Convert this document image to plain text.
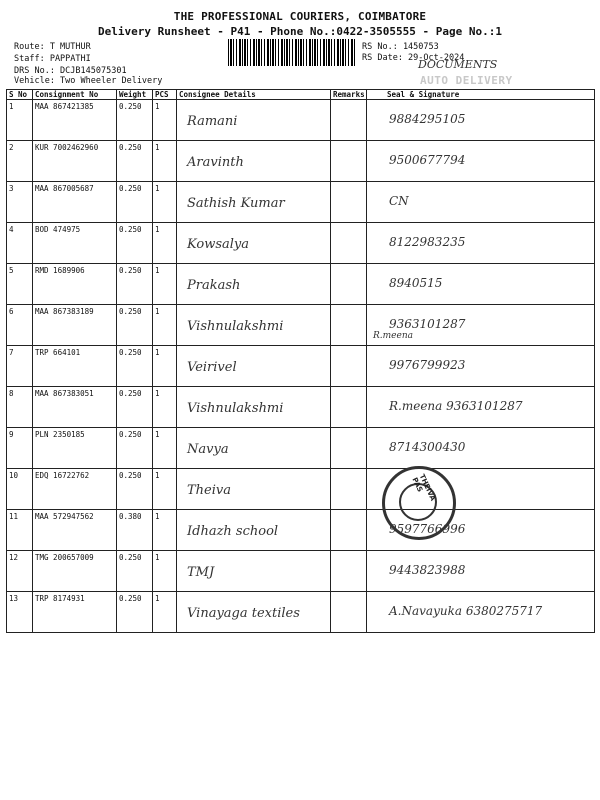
THE PROFESSIONAL COURIERS, COIMBATORE
Delivery Runsheet - P41 - Phone No.:0422-3505555 - Page No.:1
Route: T MUTHUR
Staff: PAPPATHI
DRS No.: DCJB145075301
Vehicle: Two Wheeler Delivery
RS No.: 1450753
RS Date: 29-Oct-2024
DOCUMENTS
AUTO DELIVERY
S No	Consignment No	Weight	PCS	Consignee Details	Remarks	Seal & Signature
1	MAA 867421385	0.250	1	Ramani		9884295105

2	KUR 7002462960	0.250	1	Aravinth		9500677794

3	MAA 867005687	0.250	1	Sathish Kumar		CN

4	BOD 474975	0.250	1	Kowsalya		8122983235

5	RMD 1689906	0.250	1	Prakash		8940515

6	MAA 867383189	0.250	1	Vishnulakshmi		9363101287
R.meena

7	TRP 664101	0.250	1	Veirivel		9976799923

8	MAA 867383051	0.250	1	Vishnulakshmi		R.meena 9363101287

9	PLN 2350185	0.250	1	Navya		8714300430

10	EDQ 16722762	0.250	1	Theiva		

11	MAA 572947562	0.380	1	Idhazh school		9597766996

12	TMG 200657009	0.250	1	TMJ		9443823988

13	TRP 8174931	0.250	1	Vinayaga textiles		A.Navayuka 6380275717
THEIVA PAS
